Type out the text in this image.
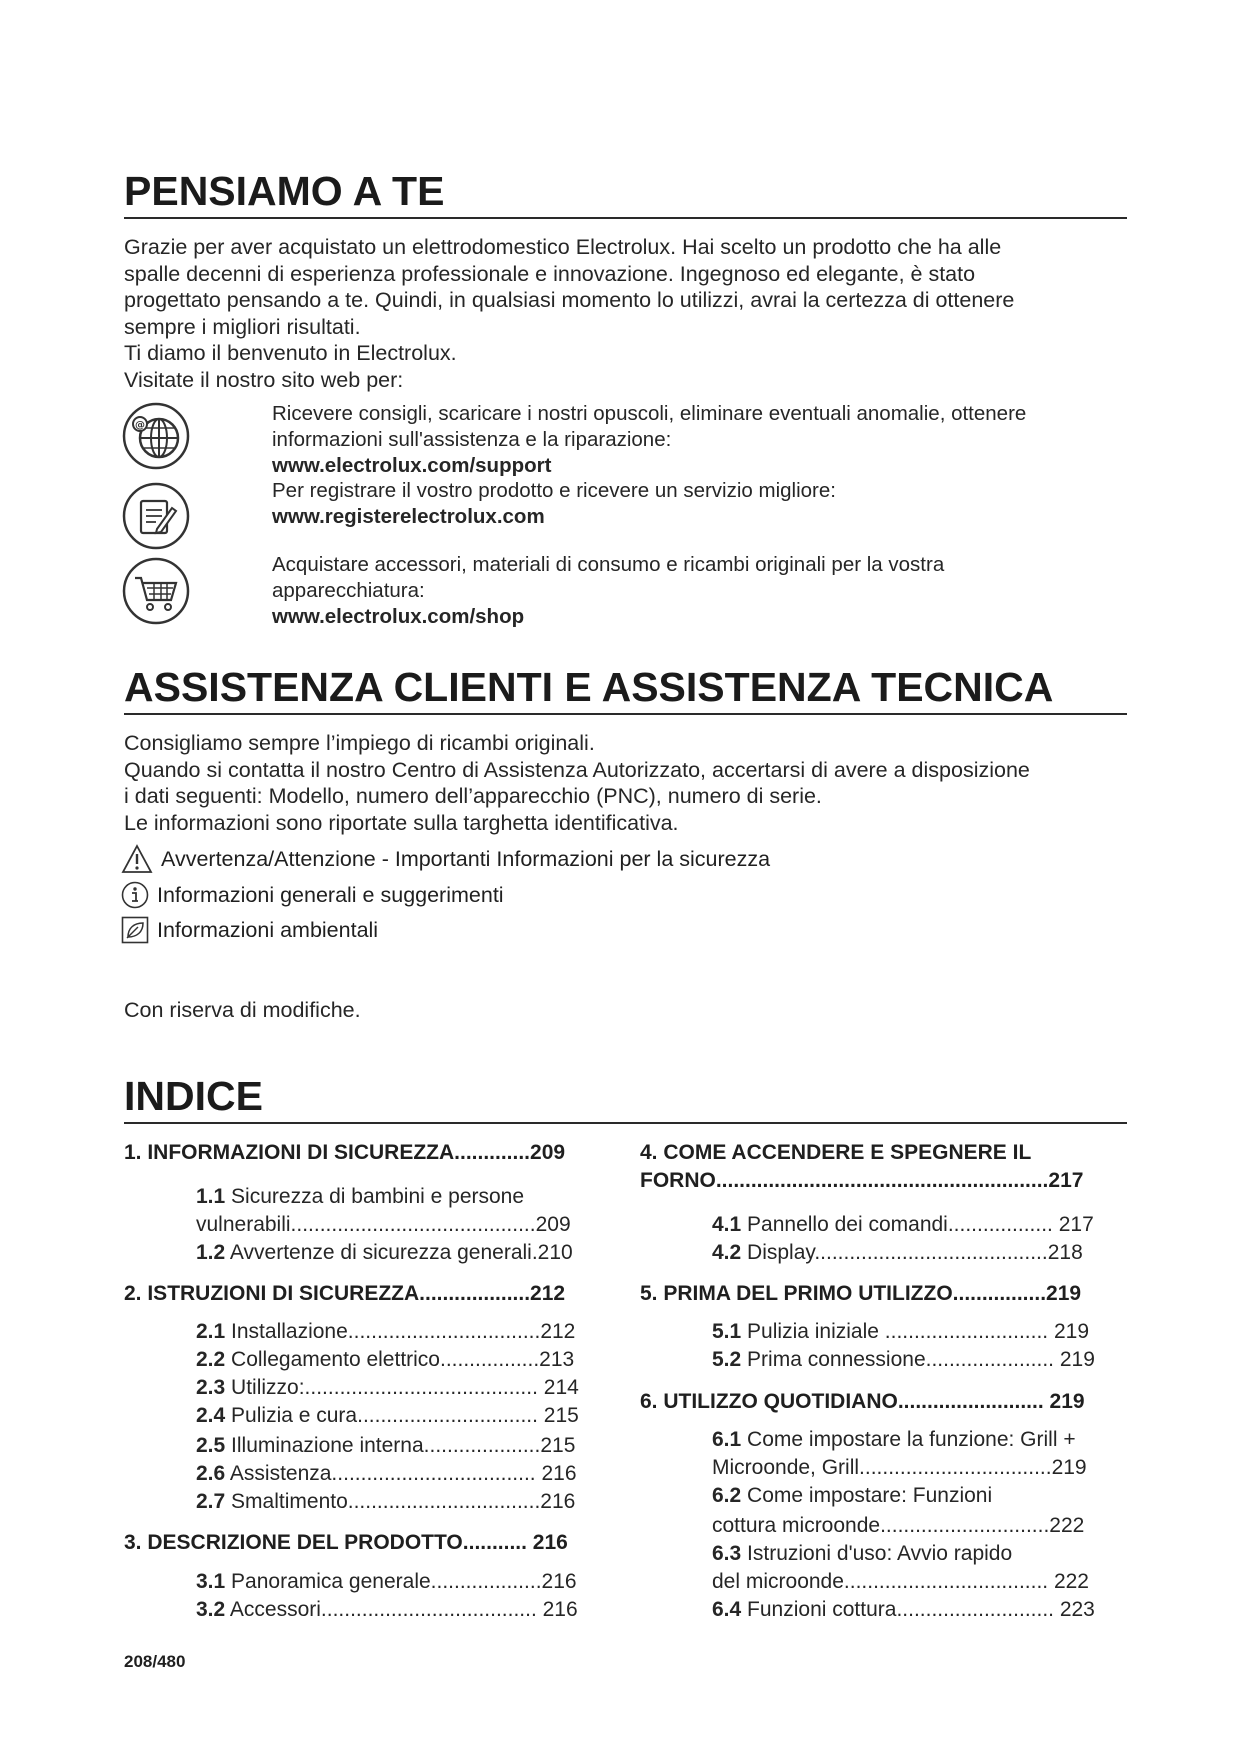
PENSIAMO A TE
Grazie per aver acquistato un elettrodomestico Electrolux. Hai scelto un prodotto che ha alle
spalle decenni di esperienza professionale e innovazione. Ingegnoso ed elegante, è stato
progettato pensando a te. Quindi, in qualsiasi momento lo utilizzi, avrai la certezza di ottenere
sempre i migliori risultati.
Ti diamo il benvenuto in Electrolux.
Visitate il nostro sito web per:
@
Ricevere consigli, scaricare i nostri opuscoli, eliminare eventuali anomalie, ottenere
informazioni sull'assistenza e la riparazione:
www.electrolux.com/support
Per registrare il vostro prodotto e ricevere un servizio migliore:
www.registerelectrolux.com
Acquistare accessori, materiali di consumo e ricambi originali per la vostra
apparecchiatura:
www.electrolux.com/shop
ASSISTENZA CLIENTI E ASSISTENZA TECNICA
Consigliamo sempre l’impiego di ricambi originali.
Quando si contatta il nostro Centro di Assistenza Autorizzato, accertarsi di avere a disposizione
i dati seguenti: Modello, numero dell’apparecchio (PNC), numero di serie.
Le informazioni sono riportate sulla targhetta identificativa.
Avvertenza/Attenzione - Importanti Informazioni per la sicurezza
Informazioni generali e suggerimenti
Informazioni ambientali
Con riserva di modifiche.
INDICE
1. INFORMAZIONI DI SICUREZZA.............209
1.1 Sicurezza di bambini e persone
vulnerabili..........................................209
1.2 Avvertenze di sicurezza generali.210
2. ISTRUZIONI DI SICUREZZA...................212
2.1 Installazione.................................212
2.2 Collegamento elettrico.................213
2.3 Utilizzo:........................................ 214
2.4 Pulizia e cura............................... 215
2.5 Illuminazione interna....................215
2.6 Assistenza................................... 216
2.7 Smaltimento.................................216
3. DESCRIZIONE DEL PRODOTTO........... 216
3.1 Panoramica generale...................216
3.2 Accessori..................................... 216
4. COME ACCENDERE E SPEGNERE IL
FORNO.........................................................217
4.1 Pannello dei comandi.................. 217
4.2 Display........................................218
5. PRIMA DEL PRIMO UTILIZZO................219
5.1 Pulizia iniziale ............................ 219
5.2 Prima connessione...................... 219
6. UTILIZZO QUOTIDIANO......................... 219
6.1 Come impostare la funzione: Grill +
Microonde, Grill.................................219
6.2 Come impostare: Funzioni
cottura microonde.............................222
6.3 Istruzioni d'uso: Avvio rapido
del microonde................................... 222
6.4 Funzioni cottura........................... 223
208/480
